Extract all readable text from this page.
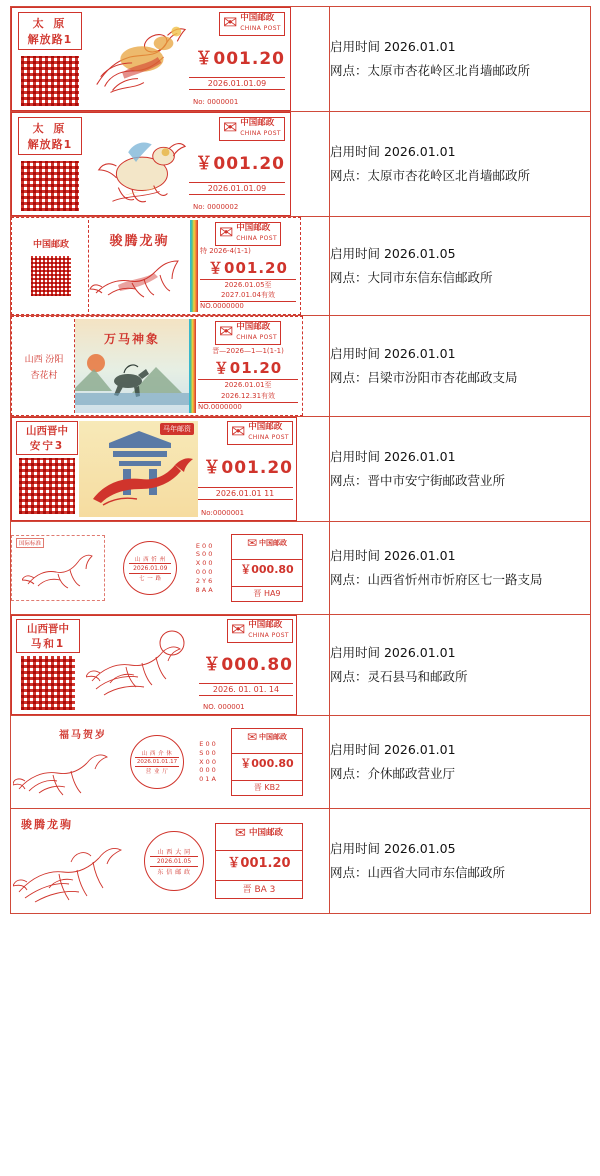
太 原
解放路1
✉ 中国邮政
CHINA POST
￥001.20
2026.01.01.09
No: 0000001

启用时间 2026.01.01
网点：太原市杏花岭区北肖墙邮政所

太 原
解放路1
✉ 中国邮政
CHINA POST
￥001.20
2026.01.01.09
No: 0000002

启用时间 2026.01.01
网点：太原市杏花岭区北肖墙邮政所

中国邮政	骏腾龙驹	✉ 中国邮政
CHINA POST
特 2026-4(1-1)
￥001.20
2026.01.05至
2027.01.04有效
NO.0000000

启用时间 2026.01.05
网点：大同市东信东信邮政所

山西 汾阳
杏花村
万马神象	✉ 中国邮政
CHINA POST
晋—2026—1—1(1-1)
￥01.20
2026.01.01至
2026.12.31有效
NO.0000000

启用时间 2026.01.01
网点：吕梁市汾阳市杏花邮政支局

山西晋中
安宁3
马年邮资 ✉ 中国邮政
CHINA POST
￥001.20
2026.01.01 11
No:0000001

启用时间 2026.01.01
网点：晋中市安宁街邮政营业所

国际标准
山 西 忻 州
2026.01.09
七 一 路
E 0 0
S 0 0
X 0 0
0 0 0
2 Y 6
8 A A
✉ 中国邮政
￥000.80
晋 HA9

启用时间 2026.01.01
网点：山西省忻州市忻府区七一路支局

山西晋中
马和1
✉ 中国邮政
CHINA POST
￥000.80
2026. 01. 01. 14
NO. 000001

启用时间 2026.01.01
网点：灵石县马和邮政所

福马贺岁
山 西 介 休
2026.01.01.17
营 业 厅
E 0 0
S 0 0
X 0 0
0 0 0
0 1 A
✉ 中国邮政
￥000.80
晋 KB2

启用时间 2026.01.01
网点：介休邮政营业厅

骏腾龙驹
山 西 大 同
2026.01.05
东 信 邮 政
✉ 中国邮政
￥001.20
晋 BA 3

启用时间 2026.01.05
网点：山西省大同市东信邮政所
